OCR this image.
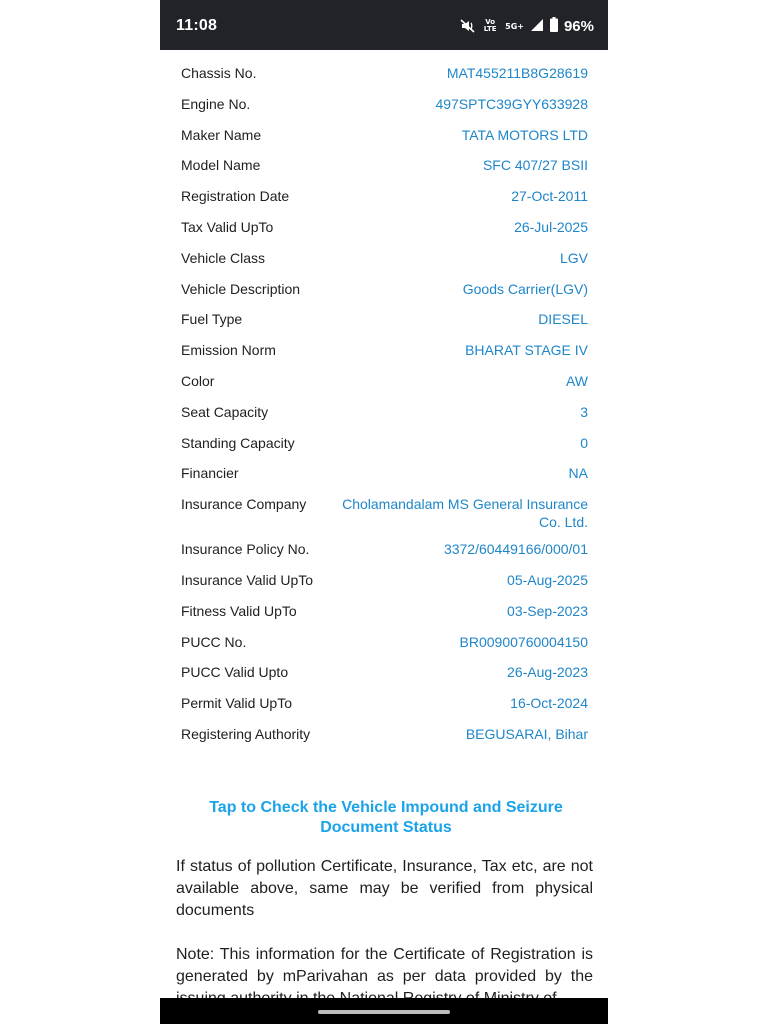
11:08	Vo LTE 5G+	96%
Chassis No.	MAT455211B8G28619
Engine No.	497SPTC39GYY633928
Maker Name	TATA MOTORS LTD
Model Name	SFC 407/27 BSII
Registration Date	27-Oct-2011
Tax Valid UpTo	26-Jul-2025
Vehicle Class	LGV
Vehicle Description	Goods Carrier(LGV)
Fuel Type	DIESEL
Emission Norm	BHARAT STAGE IV
Color	AW
Seat Capacity	3
Standing Capacity	0
Financier	NA
Insurance Company	Cholamandalam MS General Insurance Co. Ltd.
Insurance Policy No.	3372/60449166/000/01
Insurance Valid UpTo	05-Aug-2025
Fitness Valid UpTo	03-Sep-2023
PUCC No.	BR00900760004150
PUCC Valid Upto	26-Aug-2023
Permit Valid UpTo	16-Oct-2024
Registering Authority	BEGUSARAI, Bihar
Tap to Check the Vehicle Impound and Seizure Document Status
If status of pollution Certificate, Insurance, Tax etc, are not available above, same may be verified from physical documents
Note: This information for the Certificate of Registration is generated by mParivahan as per data provided by the
